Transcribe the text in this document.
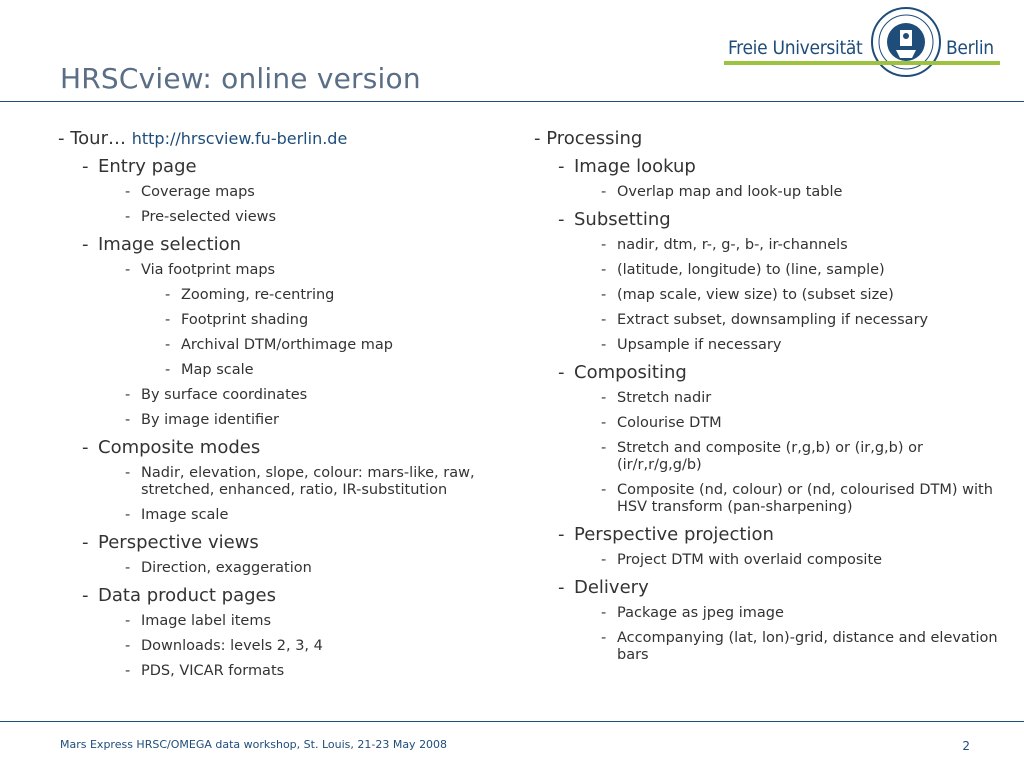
HRSCview: online version
Freie Universität	Berlin
- Tour… http://hrscview.fu-berlin.de
- Entry page
- Coverage maps
- Pre-selected views
- Image selection
- Via footprint maps
- Zooming, re-centring
- Footprint shading
- Archival DTM/orthimage map
- Map scale
- By surface coordinates
- By image identifier
- Composite modes
- Nadir, elevation, slope, colour: mars-like, raw, stretched, enhanced, ratio, IR-substitution
- Image scale
- Perspective views
- Direction, exaggeration
- Data product pages
- Image label items
- Downloads: levels 2, 3, 4
- PDS, VICAR formats
- Processing
- Image lookup
- Overlap map and look-up table
- Subsetting
- nadir, dtm, r-, g-, b-, ir-channels
- (latitude, longitude) to (line, sample)
- (map scale, view size) to (subset size)
- Extract subset, downsampling if necessary
- Upsample if necessary
- Compositing
- Stretch nadir
- Colourise DTM
- Stretch and composite (r,g,b) or (ir,g,b) or (ir/r,r/g,g/b)
- Composite (nd, colour) or (nd, colourised DTM) with HSV transform (pan-sharpening)
- Perspective projection
- Project DTM with overlaid composite
- Delivery
- Package as jpeg image
- Accompanying (lat, lon)-grid, distance and elevation bars
Mars Express HRSC/OMEGA data workshop, St. Louis, 21-23 May 2008	2
